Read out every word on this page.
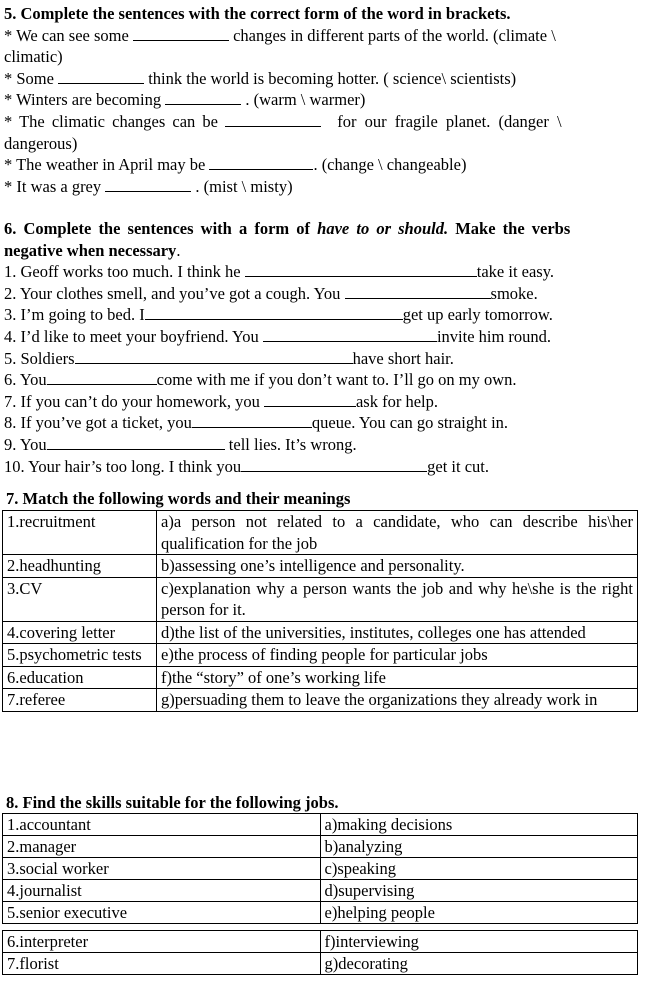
5. Complete the sentences with the correct form of the word in brackets.
* We can see some	changes in different parts of the world. (climate \
climatic)
* Some	think the world is becoming hotter. ( science\ scientists)
* Winters are becoming	. (warm \ warmer)
* The climatic changes can be	for our fragile planet. (danger \
dangerous)
* The weather in April may be	. (change \ changeable)
* It was a grey	. (mist \ misty)
6. Complete the sentences with a form of have to or should. Make the verbs
negative when necessary.
1. Geoff works too much. I think he	take it easy.
2. Your clothes smell, and you’ve got a cough. You	smoke.
3. I’m going to bed. I	get up early tomorrow.
4. I’d like to meet your boyfriend. You	invite him round.
5. Soldiers	have short hair.
6. You	come with me if you don’t want to. I’ll go on my own.
7. If you can’t do your homework, you	ask for help.
8. If you’ve got a ticket, you	queue. You can go straight in.
9. You	tell lies. It’s wrong.
10. Your hair’s too long. I think you	get it cut.
7. Match the following words and their meanings
1.recruitment	a)a person not related to a candidate, who can describe his\her qualification for the job
2.headhunting	b)assessing one’s intelligence and personality.
3.CV	c)explanation why a person wants the job and why he\she is the right person for it.
4.covering letter	d)the list of the universities, institutes, colleges one has attended
5.psychometric tests	e)the process of finding people for particular jobs
6.education	f)the “story” of one’s working life
7.referee	g)persuading them to leave the organizations they already work in
8. Find the skills suitable for the following jobs.
1.accountant	a)making decisions
2.manager	b)analyzing
3.social worker	c)speaking
4.journalist	d)supervising
5.senior executive	e)helping people
6.interpreter	f)interviewing
7.florist	g)decorating
